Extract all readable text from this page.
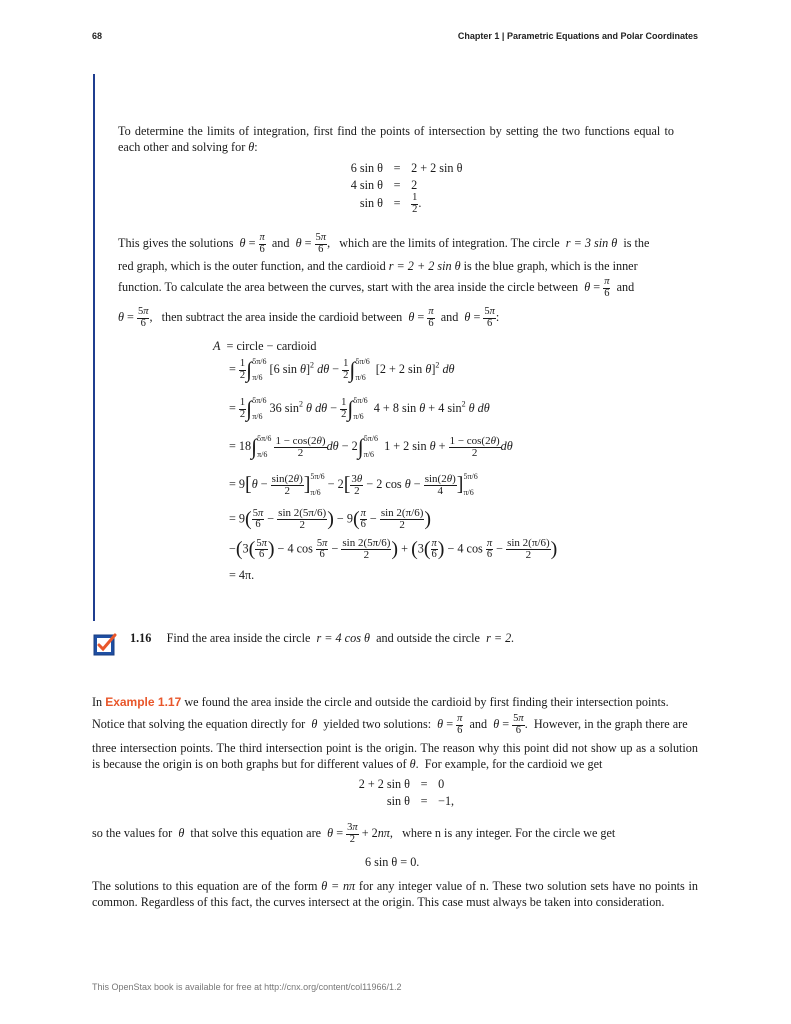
68	Chapter 1 | Parametric Equations and Polar Coordinates
To determine the limits of integration, first find the points of intersection by setting the two functions equal to each other and solving for θ:
6 sin θ = 2 + 2 sin θ
4 sin θ = 2
$\sin \theta = \frac{1}{2}$ .
This gives the solutions $\theta = \frac{\pi}{6}$ and $\theta = \frac{5\pi}{6}$ ,   which are the limits of integration. The circle r = 3 sin θ is the
red graph, which is the outer function, and the cardioid r = 2 + 2 sin θ is the blue graph, which is the inner
function. To calculate the area between the curves, start with the area inside the circle between $\theta = \frac{\pi}{6}$ and
$\theta = \frac{5\pi}{6}$ ,   then subtract the area inside the cardioid between $\theta = \frac{\pi}{6}$ and $\theta = \frac{5\pi}{6}$ :
A = circle − cardioid
= $\frac{1}{2}$ ∫ 5π/6

π/6
[6 sin θ]$^2$ $d\theta - \frac{1}{2}$ ∫ 5π/6

π/6
[2 + 2 sin θ]$^2$ dθ
= $\frac{1}{2}$ ∫ 5π/6

π/6
36 $\sin^2 \theta$ $d\theta - \frac{1}{2}$ ∫ 5π/6

π/6
4 + 8 sin θ + 4 $\sin^2 \theta$ dθ
= 18∫ 5π/6

π/6
$\frac{1 - \cos(2\theta)}{2}$ dθ − 2∫ 5π/6

π/6
1 + 2 $\sin \theta + \frac{1 - \cos(2\theta)}{2}$ dθ
= $9[\theta - \frac{\sin(2\theta)}{2}$ ] 5π/6

π/6
− $2[ \frac{3\theta}{2} - 2$ $\cos \theta - \frac{\sin(2\theta)}{4}$ ] 5π/6

π/6
= $9( \frac{5\pi}{6} - \frac{\sin 2(5\pi/6)}{2}$ ) − $9( \frac{\pi}{6} - \frac{\sin 2(\pi/6)}{2}$ )
$-(3( \frac{5\pi}{6}$ ) − 4 $\cos \frac{5\pi}{6} - \frac{\sin 2(5\pi/6)}{2}$ ) + ($3( \frac{\pi}{6}$ ) − 4 $\cos \frac{\pi}{6} - \frac{\sin 2(\pi/6)}{2}$ )
= 4π.
1.16 Find the area inside the circle r = 4 cos θ and outside the circle r = 2.
In Example 1.17 we found the area inside the circle and outside the cardioid by first finding their intersection points.
Notice that solving the equation directly for θ yielded two solutions: $\theta = \frac{\pi}{6}$ and $\theta = \frac{5\pi}{6}$ .  However, in the graph there are
three intersection points. The third intersection point is the origin. The reason why this point did not show up as a solution is because the origin is on both graphs but for different values of θ.  For example, for the cardioid we get
2 + 2 sin θ = 0
sin θ = −1,
so the values for θ that solve this equation are $\theta = \frac{3\pi}{2} + 2n\pi$,   where n is any integer. For the circle we get
6 sin θ = 0.
The solutions to this equation are of the form θ = nπ for any integer value of n. These two solution sets have no points in common. Regardless of this fact, the curves intersect at the origin. This case must always be taken into consideration.
This OpenStax book is available for free at http://cnx.org/content/col11966/1.2
